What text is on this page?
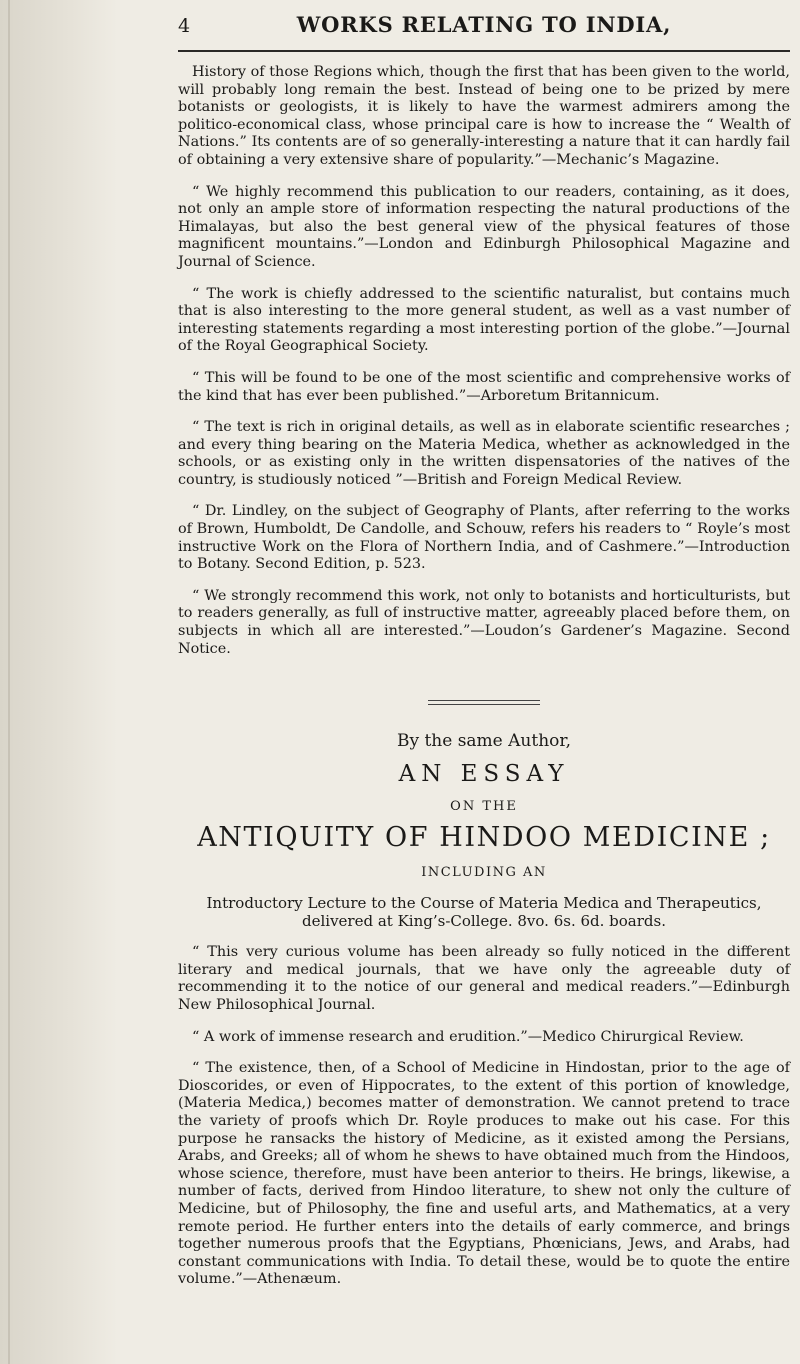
4	WORKS RELATING TO INDIA,

History of those Regions which, though the first that has been given to the world, will probably long remain the best. Instead of being one to be prized by mere botanists or geologists, it is likely to have the warmest admirers among the politico-economical class, whose principal care is how to increase the “ Wealth of Nations.” Its contents are of so generally-interesting a nature that it can hardly fail of obtaining a very extensive share of popularity.”—Mechanic’s Magazine.

“ We highly recommend this publication to our readers, containing, as it does, not only an ample store of information respecting the natural productions of the Himalayas, but also the best general view of the physical features of those magnificent mountains.”—London and Edinburgh Philosophical Magazine and Journal of Science.

“ The work is chiefly addressed to the scientific naturalist, but contains much that is also interesting to the more general student, as well as a vast number of interesting statements regarding a most interesting portion of the globe.”—Journal of the Royal Geographical Society.

“ This will be found to be one of the most scientific and comprehensive works of the kind that has ever been published.”—Arboretum Britannicum.

“ The text is rich in original details, as well as in elaborate scientific researches ; and every thing bearing on the Materia Medica, whether as acknowledged in the schools, or as existing only in the written dispensatories of the natives of the country, is studiously noticed ”—British and Foreign Medical Review.

“ Dr. Lindley, on the subject of Geography of Plants, after referring to the works of Brown, Humboldt, De Candolle, and Schouw, refers his readers to “ Royle’s most instructive Work on the Flora of Northern India, and of Cashmere.”—Introduction to Botany. Second Edition, p. 523.

“ We strongly recommend this work, not only to botanists and horticulturists, but to readers generally, as full of instructive matter, agreeably placed before them, on subjects in which all are interested.”—Loudon’s Gardener’s Magazine. Second Notice.

By the same Author,
AN ESSAY
ON THE
ANTIQUITY OF HINDOO MEDICINE ;
INCLUDING AN
Introductory Lecture to the Course of Materia Medica and Therapeutics, delivered at King’s-College. 8vo. 6s. 6d. boards.

“ This very curious volume has been already so fully noticed in the different literary and medical journals, that we have only the agreeable duty of recommending it to the notice of our general and medical readers.”—Edinburgh New Philosophical Journal.

“ A work of immense research and erudition.”—Medico Chirurgical Review.

“ The existence, then, of a School of Medicine in Hindostan, prior to the age of Dioscorides, or even of Hippocrates, to the extent of this portion of knowledge, (Materia Medica,) becomes matter of demonstration. We cannot pretend to trace the variety of proofs which Dr. Royle produces to make out his case. For this purpose he ransacks the history of Medicine, as it existed among the Persians, Arabs, and Greeks; all of whom he shews to have obtained much from the Hindoos, whose science, therefore, must have been anterior to theirs. He brings, likewise, a number of facts, derived from Hindoo literature, to shew not only the culture of Medicine, but of Philosophy, the fine and useful arts, and Mathematics, at a very remote period. He further enters into the details of early commerce, and brings together numerous proofs that the Egyptians, Phœnicians, Jews, and Arabs, had constant communications with India. To detail these, would be to quote the entire volume.”—Athenæum.
